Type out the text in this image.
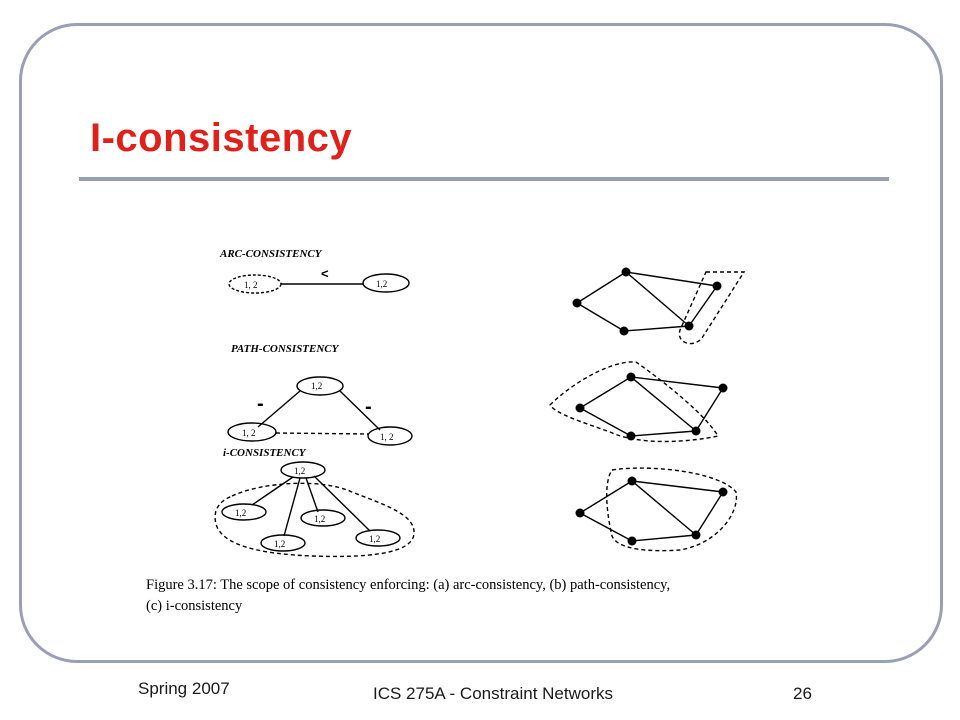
I-consistency
ARC-CONSISTENCY
1, 2
<
1,2
PATH-CONSISTENCY
1,2
-	-
1, 2	1, 2
i-CONSISTENCY
1,2
1,2
1,2
1,2	1,2
Figure 3.17: The scope of consistency enforcing: (a) arc-consistency, (b) path-consistency,
(c) i-consistency
Spring 2007	ICS 275A - Constraint Networks	26
